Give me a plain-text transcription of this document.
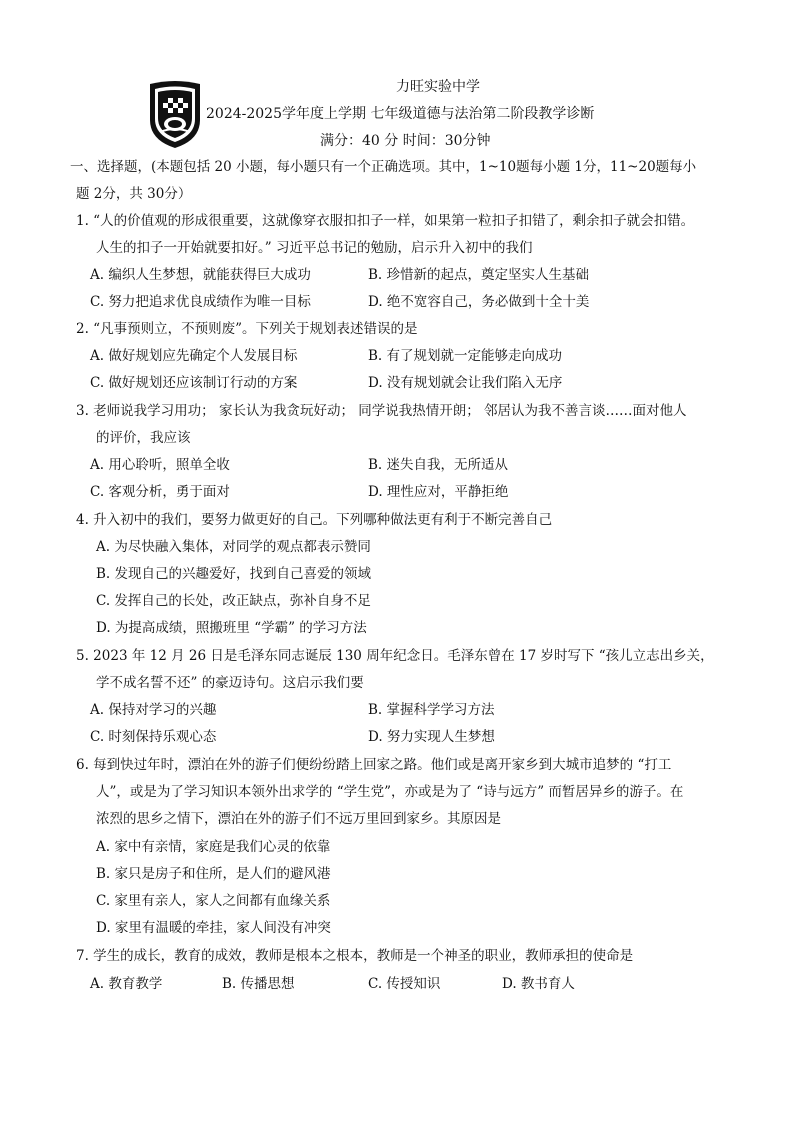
力旺实验中学
2024-2025学年度上学期 七年级道德与法治第二阶段教学诊断
满分：40 分 时间：30分钟
一、选择题，(本题包括 20 小题，每小题只有一个正确选项。其中，1~10题每小题 1分，11~20题每小
题 2分，共 30分）
1. “人的价值观的形成很重要，这就像穿衣服扣扣子一样，如果第一粒扣子扣错了，剩余扣子就会扣错。
人生的扣子一开始就要扣好。” 习近平总书记的勉励，启示升入初中的我们
A. 编织人生梦想，就能获得巨大成功	B. 珍惜新的起点，奠定坚实人生基础
C. 努力把追求优良成绩作为唯一目标	D. 绝不宽容自己，务必做到十全十美
2. “凡事预则立，不预则废”。下列关于规划表述错误的是
A. 做好规划应先确定个人发展目标	B. 有了规划就一定能够走向成功
C. 做好规划还应该制订行动的方案	D. 没有规划就会让我们陷入无序
3. 老师说我学习用功； 家长认为我贪玩好动； 同学说我热情开朗； 邻居认为我不善言谈……面对他人
的评价，我应该
A. 用心聆听，照单全收	B. 迷失自我，无所适从
C. 客观分析，勇于面对	D. 理性应对，平静拒绝
4. 升入初中的我们，要努力做更好的自己。下列哪种做法更有利于不断完善自己
A. 为尽快融入集体，对同学的观点都表示赞同
B. 发现自己的兴趣爱好，找到自己喜爱的领域
C. 发挥自己的长处，改正缺点，弥补自身不足
D. 为提高成绩，照搬班里 “学霸” 的学习方法
5. 2023 年 12 月 26 日是毛泽东同志诞辰 130 周年纪念日。毛泽东曾在 17 岁时写下 “孩儿立志出乡关，
学不成名誓不还” 的豪迈诗句。这启示我们要
A. 保持对学习的兴趣	B. 掌握科学学习方法
C. 时刻保持乐观心态	D. 努力实现人生梦想
6. 每到快过年时，漂泊在外的游子们便纷纷踏上回家之路。他们或是离开家乡到大城市追梦的 “打工
人”，或是为了学习知识本领外出求学的 “学生党”，亦或是为了 “诗与远方” 而暂居异乡的游子。在
浓烈的思乡之情下，漂泊在外的游子们不远万里回到家乡。其原因是
A. 家中有亲情，家庭是我们心灵的依靠
B. 家只是房子和住所，是人们的避风港
C. 家里有亲人，家人之间都有血缘关系
D. 家里有温暖的牵挂，家人间没有冲突
7. 学生的成长，教育的成效，教师是根本之根本，教师是一个神圣的职业，教师承担的使命是
A. 教育教学	B. 传播思想	C. 传授知识	D. 教书育人
